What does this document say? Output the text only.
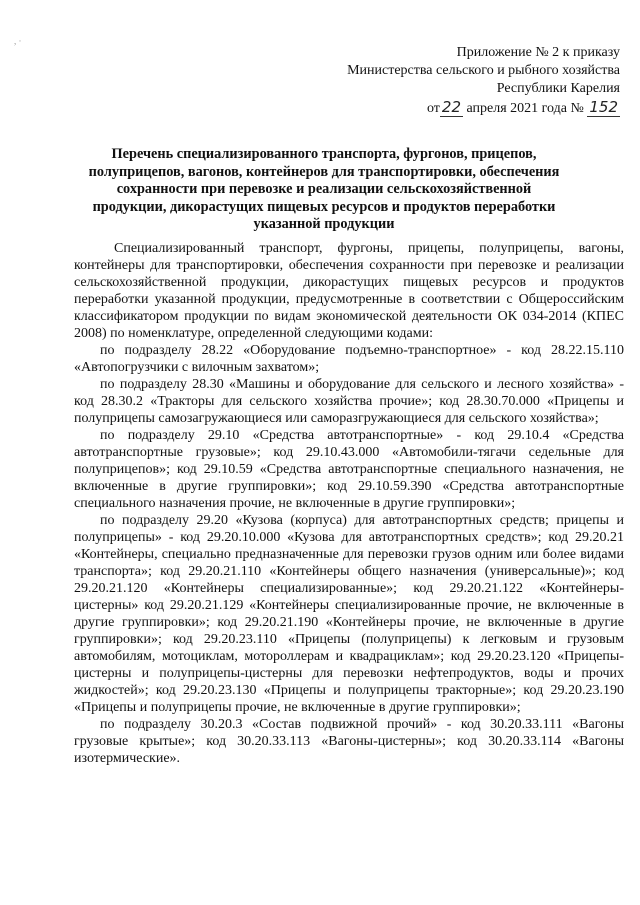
, ·
Приложение № 2 к приказу
Министерства сельского и рыбного хозяйства
Республики Карелия
от 22 апреля 2021 года № 152
Перечень специализированного транспорта, фургонов, прицепов, полуприцепов, вагонов, контейнеров для транспортировки, обеспечения сохранности при перевозке и реализации сельскохозяйственной продукции, дикорастущих пищевых ресурсов и продуктов переработки указанной продукции

Специализированный транспорт, фургоны, прицепы, полуприцепы, вагоны, контейнеры для транспортировки, обеспечения сохранности при перевозке и реализации сельскохозяйственной продукции, дикорастущих пищевых ресурсов и продуктов переработки указанной продукции, предусмотренные в соответствии с Общероссийским классификатором продукции по видам экономической деятельности ОК 034-2014 (КПЕС 2008) по номенклатуре, определенной следующими кодами:

по подразделу 28.22 «Оборудование подъемно-транспортное» - код 28.22.15.110 «Автопогрузчики с вилочным захватом»;

по подразделу 28.30 «Машины и оборудование для сельского и лесного хозяйства» - код 28.30.2 «Тракторы для сельского хозяйства прочие»; код 28.30.70.000 «Прицепы и полуприцепы самозагружающиеся или саморазгружающиеся для сельского хозяйства»;

по подразделу 29.10 «Средства автотранспортные» - код 29.10.4 «Средства автотранспортные грузовые»; код 29.10.43.000 «Автомобили-тягачи седельные для полуприцепов»; код 29.10.59 «Средства автотранспортные специального назначения, не включенные в другие группировки»; код 29.10.59.390 «Средства автотранспортные специального назначения прочие, не включенные в другие группировки»;

по подразделу 29.20 «Кузова (корпуса) для автотранспортных средств; прицепы и полуприцепы» - код 29.20.10.000 «Кузова для автотранспортных средств»; код 29.20.21 «Контейнеры, специально предназначенные для перевозки грузов одним или более видами транспорта»; код 29.20.21.110 «Контейнеры общего назначения (универсальные)»; код 29.20.21.120 «Контейнеры специализированные»; код 29.20.21.122 «Контейнеры-цистерны» код 29.20.21.129 «Контейнеры специализированные прочие, не включенные в другие группировки»; код 29.20.21.190 «Контейнеры прочие, не включенные в другие группировки»; код 29.20.23.110 «Прицепы (полуприцепы) к легковым и грузовым автомобилям, мотоциклам, мотороллерам и квадрациклам»; код 29.20.23.120 «Прицепы-цистерны и полуприцепы-цистерны для перевозки нефтепродуктов, воды и прочих жидкостей»; код 29.20.23.130 «Прицепы и полуприцепы тракторные»; код 29.20.23.190 «Прицепы и полуприцепы прочие, не включенные в другие группировки»;

по подразделу 30.20.3 «Состав подвижной прочий» - код 30.20.33.111 «Вагоны грузовые крытые»; код 30.20.33.113 «Вагоны-цистерны»; код 30.20.33.114 «Вагоны изотермические».
